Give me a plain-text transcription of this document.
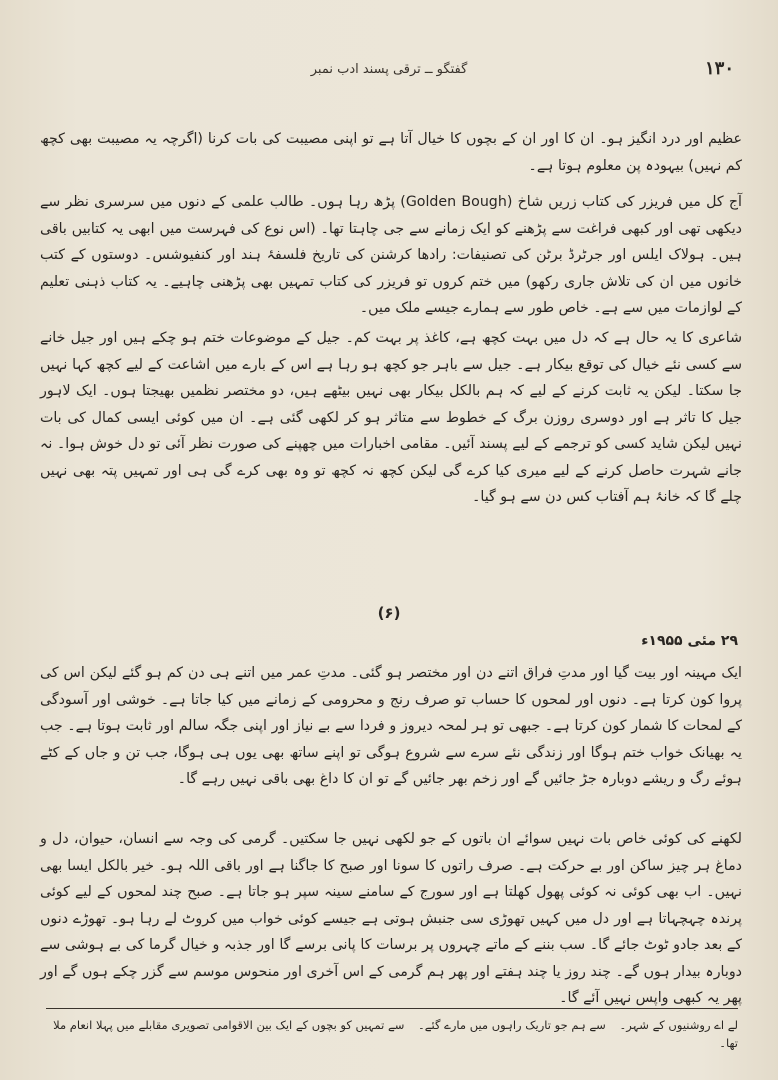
۱۳۰
گفتگو ــ ترقی پسند ادب نمبر

عظیم اور درد انگیز ہو۔ ان کا اور ان کے بچوں کا خیال آتا ہے تو اپنی مصیبت کی بات کرنا (اگرچہ یہ مصیبت بھی کچھ کم نہیں) بیہودہ پن معلوم ہوتا ہے۔

آج کل میں فریزر کی کتاب زریں شاخ (Golden Bough) پڑھ رہا ہوں۔ طالب علمی کے دنوں میں سرسری نظر سے دیکھی تھی اور کبھی فراغت سے پڑھنے کو ایک زمانے سے جی چاہتا تھا۔ (اس نوع کی فہرست میں ابھی یہ کتابیں باقی ہیں۔ ہولاک ایلس اور جرٹرڈ برٹن کی تصنیفات: رادھا کرشنن کی تاریخ فلسفۂ ہند اور کنفیوشس۔ دوستوں کے کتب خانوں میں ان کی تلاش جاری رکھو) میں ختم کروں تو فریزر کی کتاب تمہیں بھی پڑھنی چاہیے۔ یہ کتاب ذہنی تعلیم کے لوازمات میں سے ہے۔ خاص طور سے ہمارے جیسے ملک میں۔

شاعری کا یہ حال ہے کہ دل میں بہت کچھ ہے، کاغذ پر بہت کم۔ جیل کے موضوعات ختم ہو چکے ہیں اور جیل خانے سے کسی نئے خیال کی توقع بیکار ہے۔ جیل سے باہر جو کچھ ہو رہا ہے اس کے بارے میں اشاعت کے لیے کچھ کہا نہیں جا سکتا۔ لیکن یہ ثابت کرنے کے لیے کہ ہم بالکل بیکار بھی نہیں بیٹھے ہیں، دو مختصر نظمیں بھیجتا ہوں۔ ایک لاہور جیل کا تاثر ہے اور دوسری روزن برگ کے خطوط سے متاثر ہو کر لکھی گئی ہے۔ ان میں کوئی ایسی کمال کی بات نہیں لیکن شاید کسی کو ترجمے کے لیے پسند آئیں۔ مقامی اخبارات میں چھپنے کی صورت نظر آئی تو دل خوش ہوا۔ نہ جانے شہرت حاصل کرنے کے لیے میری کیا کرے گی لیکن کچھ نہ کچھ تو وہ بھی کرے گی ہی اور تمہیں پتہ بھی نہیں چلے گا کہ خانۂ ہم آفتاب کس دن سے ہو گیا۔

(۶)
۲۹ مئی ۱۹۵۵ء

ایک مہینہ اور بیت گیا اور مدتِ فراق اتنے دن اور مختصر ہو گئی۔ مدتِ عمر میں اتنے ہی دن کم ہو گئے لیکن اس کی پروا کون کرتا ہے۔ دنوں اور لمحوں کا حساب تو صرف رنج و محرومی کے زمانے میں کیا جاتا ہے۔ خوشی اور آسودگی کے لمحات کا شمار کون کرتا ہے۔ جبھی تو ہر لمحہ دیروز و فردا سے بے نیاز اور اپنی جگہ سالم اور ثابت ہوتا ہے۔ جب یہ بھیانک خواب ختم ہوگا اور زندگی نئے سرے سے شروع ہوگی تو اپنے ساتھ بھی یوں ہی ہوگا، جب تن و جاں کے کٹے ہوئے رگ و ریشے دوبارہ جڑ جائیں گے اور زخم بھر جائیں گے تو ان کا داغ بھی باقی نہیں رہے گا۔

لکھنے کی کوئی خاص بات نہیں سوائے ان باتوں کے جو لکھی نہیں جا سکتیں۔ گرمی کی وجہ سے انسان، حیوان، دل و دماغ ہر چیز ساکن اور بے حرکت ہے۔ صرف راتوں کا سونا اور صبح کا جاگنا ہے اور باقی اللہ ہو۔ خیر بالکل ایسا بھی نہیں۔ اب بھی کوئی نہ کوئی پھول کھلتا ہے اور سورج کے سامنے سینہ سپر ہو جاتا ہے۔ صبح چند لمحوں کے لیے کوئی پرندہ چہچہاتا ہے اور دل میں کہیں تھوڑی سی جنبش ہوتی ہے جیسے کوئی خواب میں کروٹ لے رہا ہو۔ تھوڑے دنوں کے بعد جادو ٹوٹ جائے گا۔ سب بننے کے ماتے چہروں پر برسات کا پانی برسے گا اور جذبہ و خیال گرما کی بے ہوشی سے دوبارہ بیدار ہوں گے۔ چند روز یا چند ہفتے اور پھر ہم گرمی کے اس آخری اور منحوس موسم سے گزر چکے ہوں گے اور پھر یہ کبھی واپس نہیں آئے گا۔

لے اے روشنیوں کے شہر۔ سے ہم جو تاریک راہوں میں مارے گئے۔ سے تمہیں کو بچوں کے ایک بین الاقوامی تصویری مقابلے میں پہلا انعام ملا تھا۔
